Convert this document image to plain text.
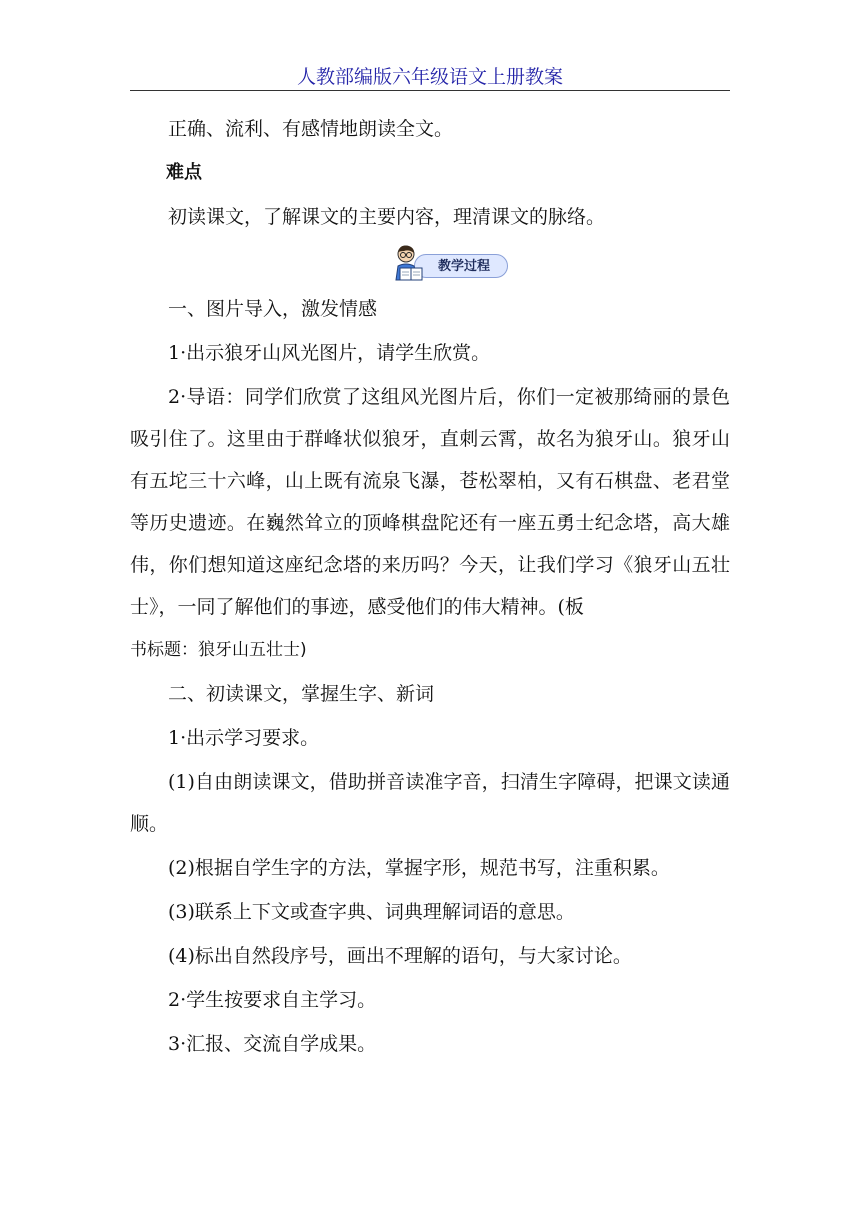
人教部编版六年级语文上册教案

正确、流利、有感情地朗读全文。

难点

初读课文，了解课文的主要内容，理清课文的脉络。

教学过程

一、图片导入，激发情感

1·出示狼牙山风光图片，请学生欣赏。

2·导语：同学们欣赏了这组风光图片后，你们一定被那绮丽的景色吸引住了。这里由于群峰状似狼牙，直刺云霄，故名为狼牙山。狼牙山有五坨三十六峰，山上既有流泉飞瀑，苍松翠柏，又有石棋盘、老君堂等历史遗迹。在巍然耸立的顶峰棋盘陀还有一座五勇士纪念塔，高大雄伟，你们想知道这座纪念塔的来历吗？今天，让我们学习《狼牙山五壮士》，一同了解他们的事迹，感受他们的伟大精神。(板
书标题：狼牙山五壮士)

二、初读课文，掌握生字、新词

1·出示学习要求。

(1)自由朗读课文，借助拼音读准字音，扫清生字障碍，把课文读通顺。

(2)根据自学生字的方法，掌握字形，规范书写，注重积累。

(3)联系上下文或查字典、词典理解词语的意思。

(4)标出自然段序号，画出不理解的语句，与大家讨论。

2·学生按要求自主学习。

3·汇报、交流自学成果。
